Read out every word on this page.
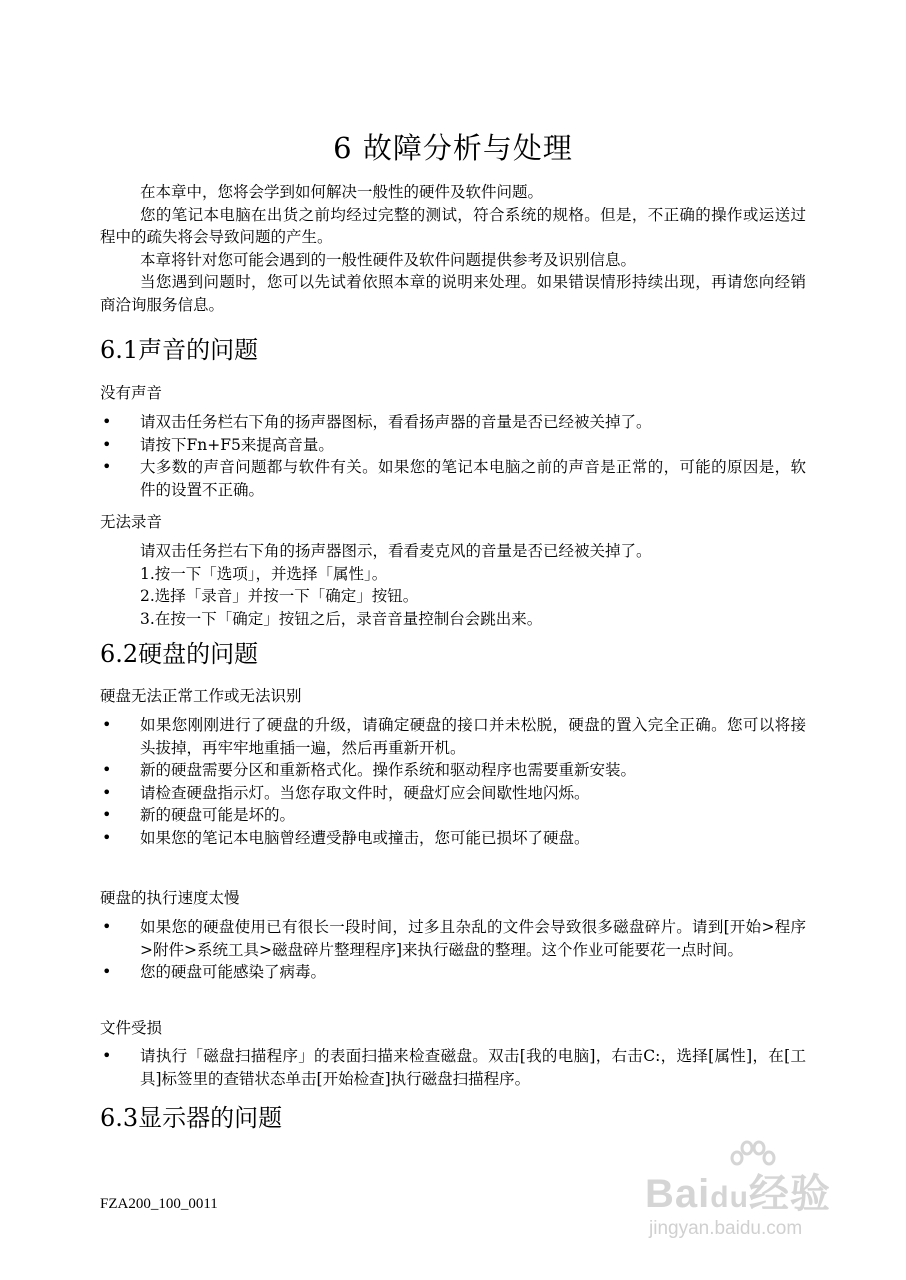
6 故障分析与处理

在本章中，您将会学到如何解决一般性的硬件及软件问题。

您的笔记本电脑在出货之前均经过完整的测试，符合系统的规格。但是，不正确的操作或运送过程中的疏失将会导致问题的产生。

本章将针对您可能会遇到的一般性硬件及软件问题提供参考及识别信息。

当您遇到问题时，您可以先试着依照本章的说明来处理。如果错误情形持续出现，再请您向经销商洽询服务信息。

6.1声音的问题
没有声音
• 请双击任务栏右下角的扬声器图标，看看扬声器的音量是否已经被关掉了。
• 请按下Fn+F5来提高音量。
• 大多数的声音问题都与软件有关。如果您的笔记本电脑之前的声音是正常的，可能的原因是，软件的设置不正确。
无法录音
请双击任务拦右下角的扬声器图示，看看麦克风的音量是否已经被关掉了。
1.按一下「选项」，并选择「属性」。
2.选择「录音」并按一下「确定」按钮。
3.在按一下「确定」按钮之后，录音音量控制台会跳出来。
6.2硬盘的问题
硬盘无法正常工作或无法识别
• 如果您刚刚进行了硬盘的升级，请确定硬盘的接口并未松脱，硬盘的置入完全正确。您可以将接头拔掉，再牢牢地重插一遍，然后再重新开机。
• 新的硬盘需要分区和重新格式化。操作系统和驱动程序也需要重新安装。
• 请检查硬盘指示灯。当您存取文件时，硬盘灯应会间歇性地闪烁。
• 新的硬盘可能是坏的。
• 如果您的笔记本电脑曾经遭受静电或撞击，您可能已损坏了硬盘。
硬盘的执行速度太慢
• 如果您的硬盘使用已有很长一段时间，过多且杂乱的文件会导致很多磁盘碎片。请到[开始>程序>附件>系统工具>磁盘碎片整理程序]来执行磁盘的整理。这个作业可能要花一点时间。
• 您的硬盘可能感染了病毒。
文件受损
• 请执行「磁盘扫描程序」的表面扫描来检查磁盘。双击[我的电脑]，右击C:，选择[属性]，在[工具]标签里的查错状态单击[开始检查]执行磁盘扫描程序。
6.3显示器的问题
FZA200_100_0011	Baidu经验
jingyan.baidu.com
